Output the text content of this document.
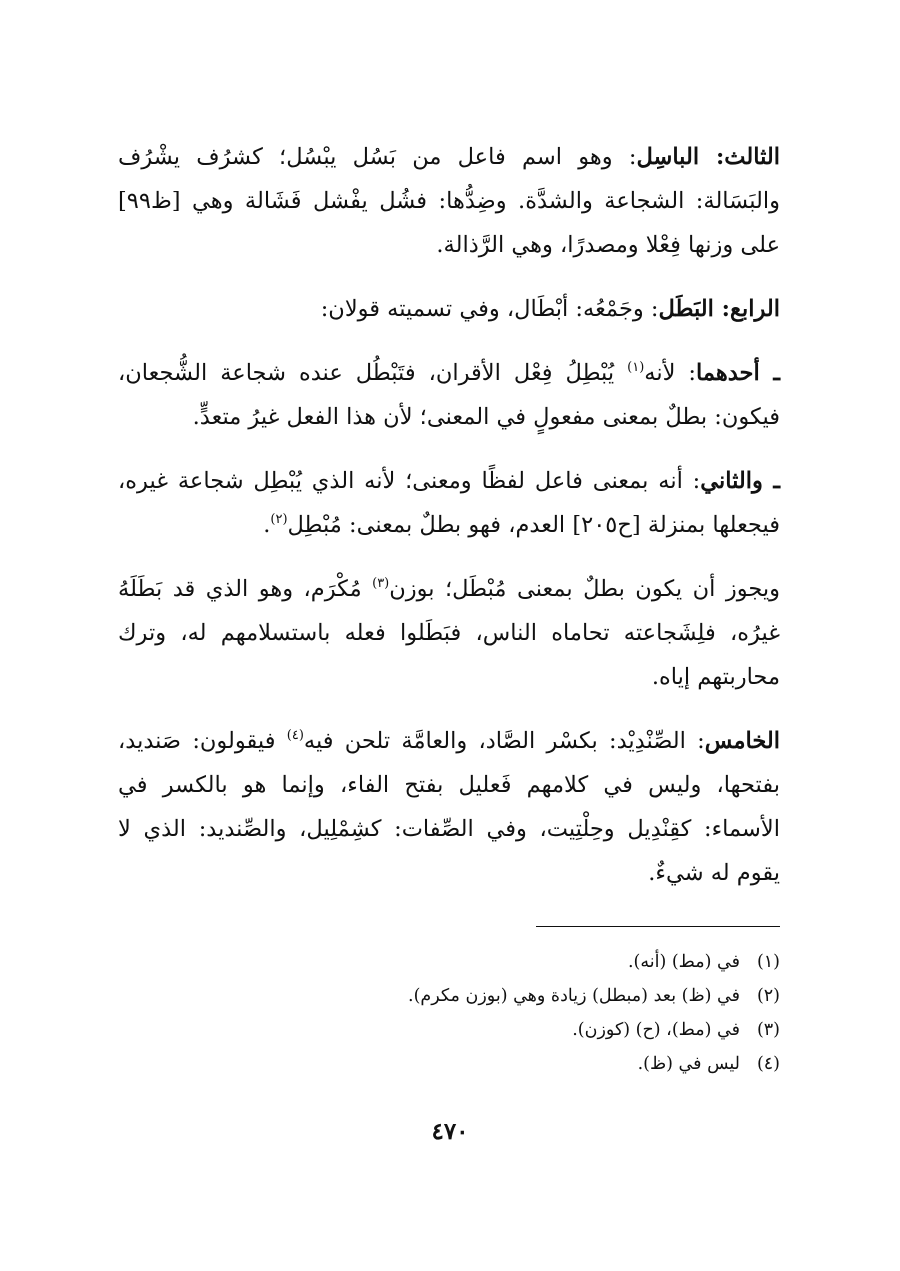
الثالث: الباسِل: وهو اسم فاعل من بَسُل يبْسُل؛ كشرُف يشْرُف والبَسَالة: الشجاعة والشدَّة. وضِدُّها: فشُل يفْشل فَشَالة وهي [ظ٩٩] على وزنها فِعْلا ومصدرًا، وهي الرَّذالة.

الرابع: البَطَل: وجَمْعُه: أبْطَال، وفي تسميته قولان:

ـ أحدهما: لأنه$^{(١)}$ يُبْطِلُ فِعْل الأقران، فتَبْطُل عنده شجاعة الشُّجعان، فيكون: بطلٌ بمعنى مفعولٍ في المعنى؛ لأن هذا الفعل غيرُ متعدٍّ.

ـ والثاني: أنه بمعنى فاعل لفظًا ومعنى؛ لأنه الذي يُبْطِل شجاعة غيره، فيجعلها بمنزلة [ح٢٠٥] العدم، فهو بطلٌ بمعنى: مُبْطِل$^{(٢)}$.

ويجوز أن يكون بطلٌ بمعنى مُبْطَل؛ بوزن$^{(٣)}$ مُكْرَم، وهو الذي قد بَطَلَهُ غيرُه، فلِشَجاعته تحاماه الناس، فبَطَلوا فعله باستسلامهم له، وترك محاربتهم إياه.

الخامس: الصِّنْدِيْد: بكسْر الصَّاد، والعامَّة تلحن فيه$^{(٤)}$ فيقولون: صَنديد، بفتحها، وليس في كلامهم فَعليل بفتح الفاء، وإنما هو بالكسر في الأسماء: كقِنْدِيل وحِلْتِيت، وفي الصِّفات: كشِمْلِيل، والصِّنديد: الذي لا يقوم له شيءٌ.

(١)في (مط) (أنه).
(٢)في (ظ) بعد (مبطل) زيادة وهي (بوزن مكرم).
(٣)في (مط)، (ح) (كوزن).
(٤)ليس في (ظ).
٤٧٠
